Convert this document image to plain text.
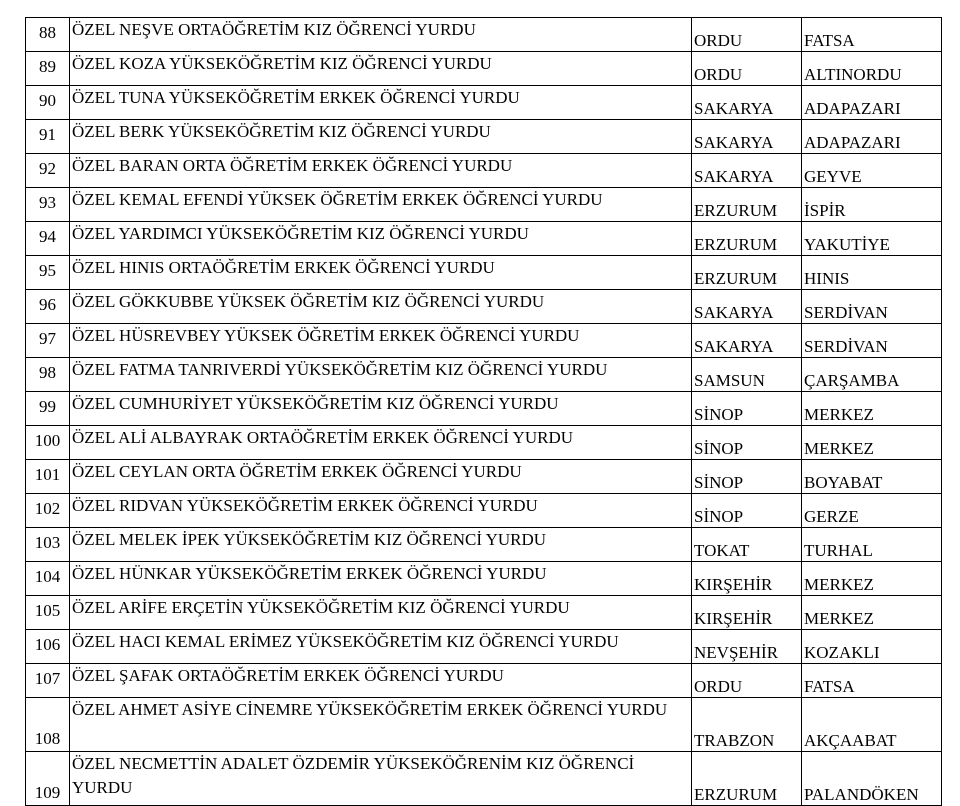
88	ÖZEL NEŞVE ORTAÖĞRETİM KIZ ÖĞRENCİ YURDU	ORDU	FATSA
89	ÖZEL KOZA YÜKSEKÖĞRETİM KIZ ÖĞRENCİ YURDU	ORDU	ALTINORDU
90	ÖZEL TUNA YÜKSEKÖĞRETİM ERKEK ÖĞRENCİ YURDU	SAKARYA	ADAPAZARI
91	ÖZEL BERK YÜKSEKÖĞRETİM KIZ ÖĞRENCİ YURDU	SAKARYA	ADAPAZARI
92	ÖZEL BARAN ORTA ÖĞRETİM ERKEK ÖĞRENCİ YURDU	SAKARYA	GEYVE
93	ÖZEL KEMAL EFENDİ YÜKSEK ÖĞRETİM ERKEK ÖĞRENCİ YURDU	ERZURUM	İSPİR
94	ÖZEL YARDIMCI YÜKSEKÖĞRETİM KIZ ÖĞRENCİ YURDU	ERZURUM	YAKUTİYE
95	ÖZEL HINIS ORTAÖĞRETİM ERKEK ÖĞRENCİ YURDU	ERZURUM	HINIS
96	ÖZEL GÖKKUBBE YÜKSEK ÖĞRETİM KIZ ÖĞRENCİ YURDU	SAKARYA	SERDİVAN
97	ÖZEL HÜSREVBEY YÜKSEK ÖĞRETİM ERKEK ÖĞRENCİ YURDU	SAKARYA	SERDİVAN
98	ÖZEL FATMA TANRIVERDİ YÜKSEKÖĞRETİM KIZ ÖĞRENCİ YURDU	SAMSUN	ÇARŞAMBA
99	ÖZEL CUMHURİYET YÜKSEKÖĞRETİM KIZ ÖĞRENCİ YURDU	SİNOP	MERKEZ
100	ÖZEL ALİ ALBAYRAK ORTAÖĞRETİM ERKEK ÖĞRENCİ YURDU	SİNOP	MERKEZ
101	ÖZEL CEYLAN ORTA ÖĞRETİM ERKEK ÖĞRENCİ YURDU	SİNOP	BOYABAT
102	ÖZEL RIDVAN YÜKSEKÖĞRETİM ERKEK ÖĞRENCİ YURDU	SİNOP	GERZE
103	ÖZEL MELEK İPEK YÜKSEKÖĞRETİM KIZ ÖĞRENCİ YURDU	TOKAT	TURHAL
104	ÖZEL HÜNKAR YÜKSEKÖĞRETİM ERKEK ÖĞRENCİ YURDU	KIRŞEHİR	MERKEZ
105	ÖZEL ARİFE ERÇETİN YÜKSEKÖĞRETİM KIZ ÖĞRENCİ YURDU	KIRŞEHİR	MERKEZ
106	ÖZEL HACI KEMAL ERİMEZ YÜKSEKÖĞRETİM KIZ ÖĞRENCİ YURDU	NEVŞEHİR	KOZAKLI
107	ÖZEL ŞAFAK ORTAÖĞRETİM ERKEK ÖĞRENCİ YURDU	ORDU	FATSA
108	ÖZEL AHMET ASİYE CİNEMRE YÜKSEKÖĞRETİM ERKEK ÖĞRENCİ YURDU	TRABZON	AKÇAABAT
109	ÖZEL NECMETTİN ADALET ÖZDEMİR YÜKSEKÖĞRENİM KIZ ÖĞRENCİ YURDU	ERZURUM	PALANDÖKEN
